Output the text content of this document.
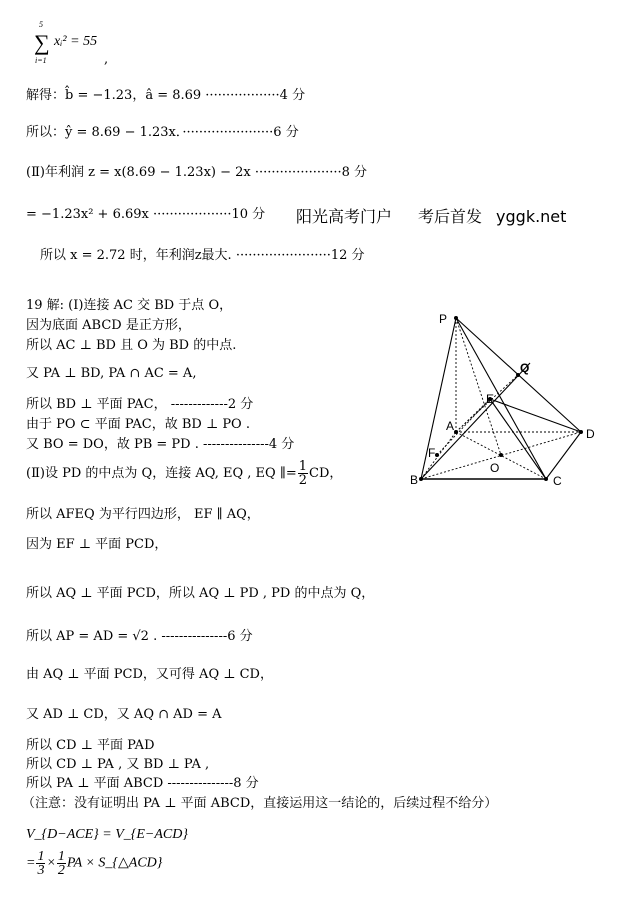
∑
5
i=1
xᵢ² = 55
,
解得：b̂ = −1.23，â = 8.69 ··················4 分
所以：ŷ = 8.69 − 1.23x．······················6 分
(Ⅱ)年利润 z = x(8.69 − 1.23x) − 2x ·····················8 分
= −1.23x² + 6.69x ···················10 分 阳光高考门户 考后首发 yggk.net
所以 x = 2.72 时，年利润z最大. ·······················12 分
19 解: (Ⅰ)连接 AC 交 BD 于点 O，
因为底面 ABCD 是正方形，
所以 AC ⊥ BD 且 O 为 BD 的中点.
又 PA ⊥ BD, PA ∩ AC = A,
所以 BD ⊥ 平面 PAC， -------------2 分
由于 PO ⊂ 平面 PAC，故 BD ⊥ PO .
又 BO = DO，故 PB = PD . ---------------4 分
(Ⅱ)设 PD 的中点为 Q，连接 AQ, EQ , EQ ∥= $\frac{1}{2}$ CD，
所以 AFEQ 为平行四边形， EF ∥ AQ，
因为 EF ⊥ 平面 PCD，
所以 AQ ⊥ 平面 PCD，所以 AQ ⊥ PD , PD 的中点为 Q，
所以 AP = AD = √2 . ---------------6 分
由 AQ ⊥ 平面 PCD，又可得 AQ ⊥ CD，
又 AD ⊥ CD，又 AQ ∩ AD = A
所以 CD ⊥ 平面 PAD
所以 CD ⊥ PA , 又 BD ⊥ PA ,
所以 PA ⊥ 平面 ABCD ---------------8 分
（注意：没有证明出 PA ⊥ 平面 ABCD，直接运用这一结论的，后续过程不给分）
V_{D−ACE} = V_{E−ACD}
= $\frac{1}{3} \times \frac{1}{2}$ PA × S_{△ACD}
P
Q
E
A
F
D
O
B	C
